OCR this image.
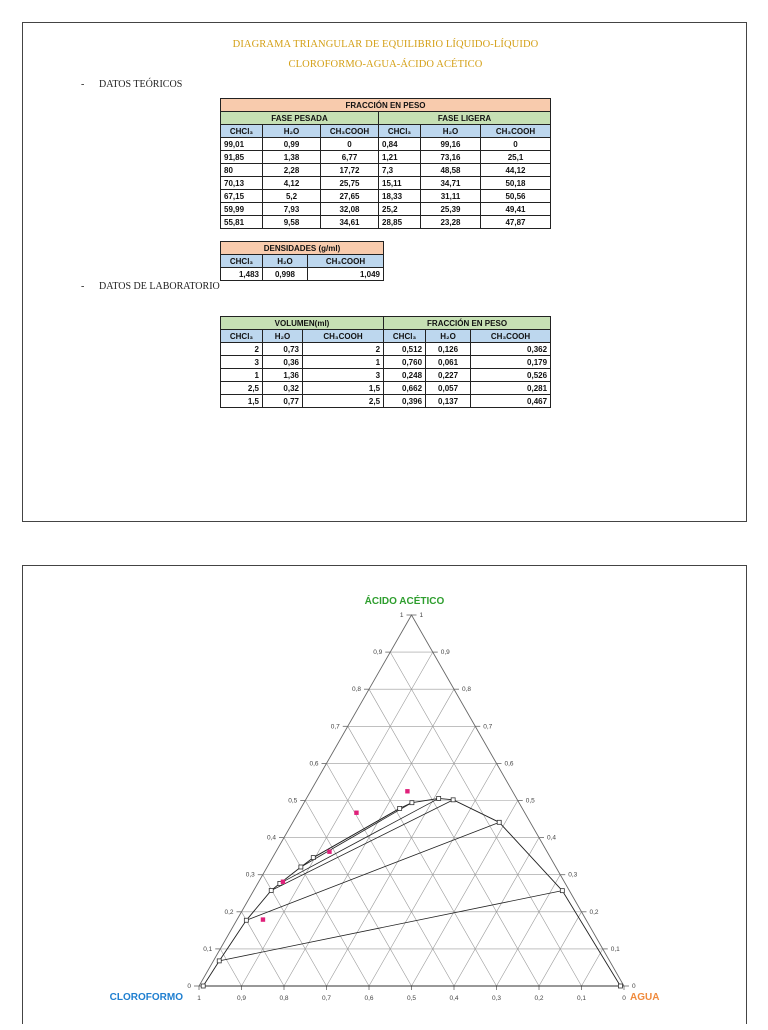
DIAGRAMA TRIANGULAR DE EQUILIBRIO LÍQUIDO-LÍQUIDO
CLOROFORMO-AGUA-ÁCIDO ACÉTICO
- DATOS TEÓRICOS
FRACCIÓN EN PESO					
FASE PESADA			FASE LIGERA		
CHCl₃	H₂O	CH₃COOH	CHCl₃	H₂O	CH₃COOH
99,01	0,99	0	0,84	99,16	0
91,85	1,38	6,77	1,21	73,16	25,1
80	2,28	17,72	7,3	48,58	44,12
70,13	4,12	25,75	15,11	34,71	50,18
67,15	5,2	27,65	18,33	31,11	50,56
59,99	7,93	32,08	25,2	25,39	49,41
55,81	9,58	34,61	28,85	23,28	47,87
DENSIDADES (g/ml)		
CHCl₃	H₂O	CH₃COOH
1,483	0,998	1,049
- DATOS DE LABORATORIO
VOLUMEN(ml)			FRACCIÓN EN PESO		
CHCl₃	H₂O	CH₃COOH	CHCl₃	H₂O	CH₃COOH
2	0,73	2	0,512	0,126	0,362
3	0,36	1	0,760	0,061	0,179
1	1,36	3	0,248	0,227	0,526
2,5	0,32	1,5	0,662	0,057	0,281
1,5	0,77	2,5	0,396	0,137	0,467
0
0,1
0,2
0,3
0,4
0,5
0,6
0,7
0,8
0,9
1
0
0,1
0,2
0,3
0,4
0,5
0,6
0,7
0,8
0,9
1
1	0,9	0,8	0,7	0,6	0,5	0,4	0,3	0,2	0,1	0
ÁCIDO ACÉTICO
CLOROFORMO	AGUA
